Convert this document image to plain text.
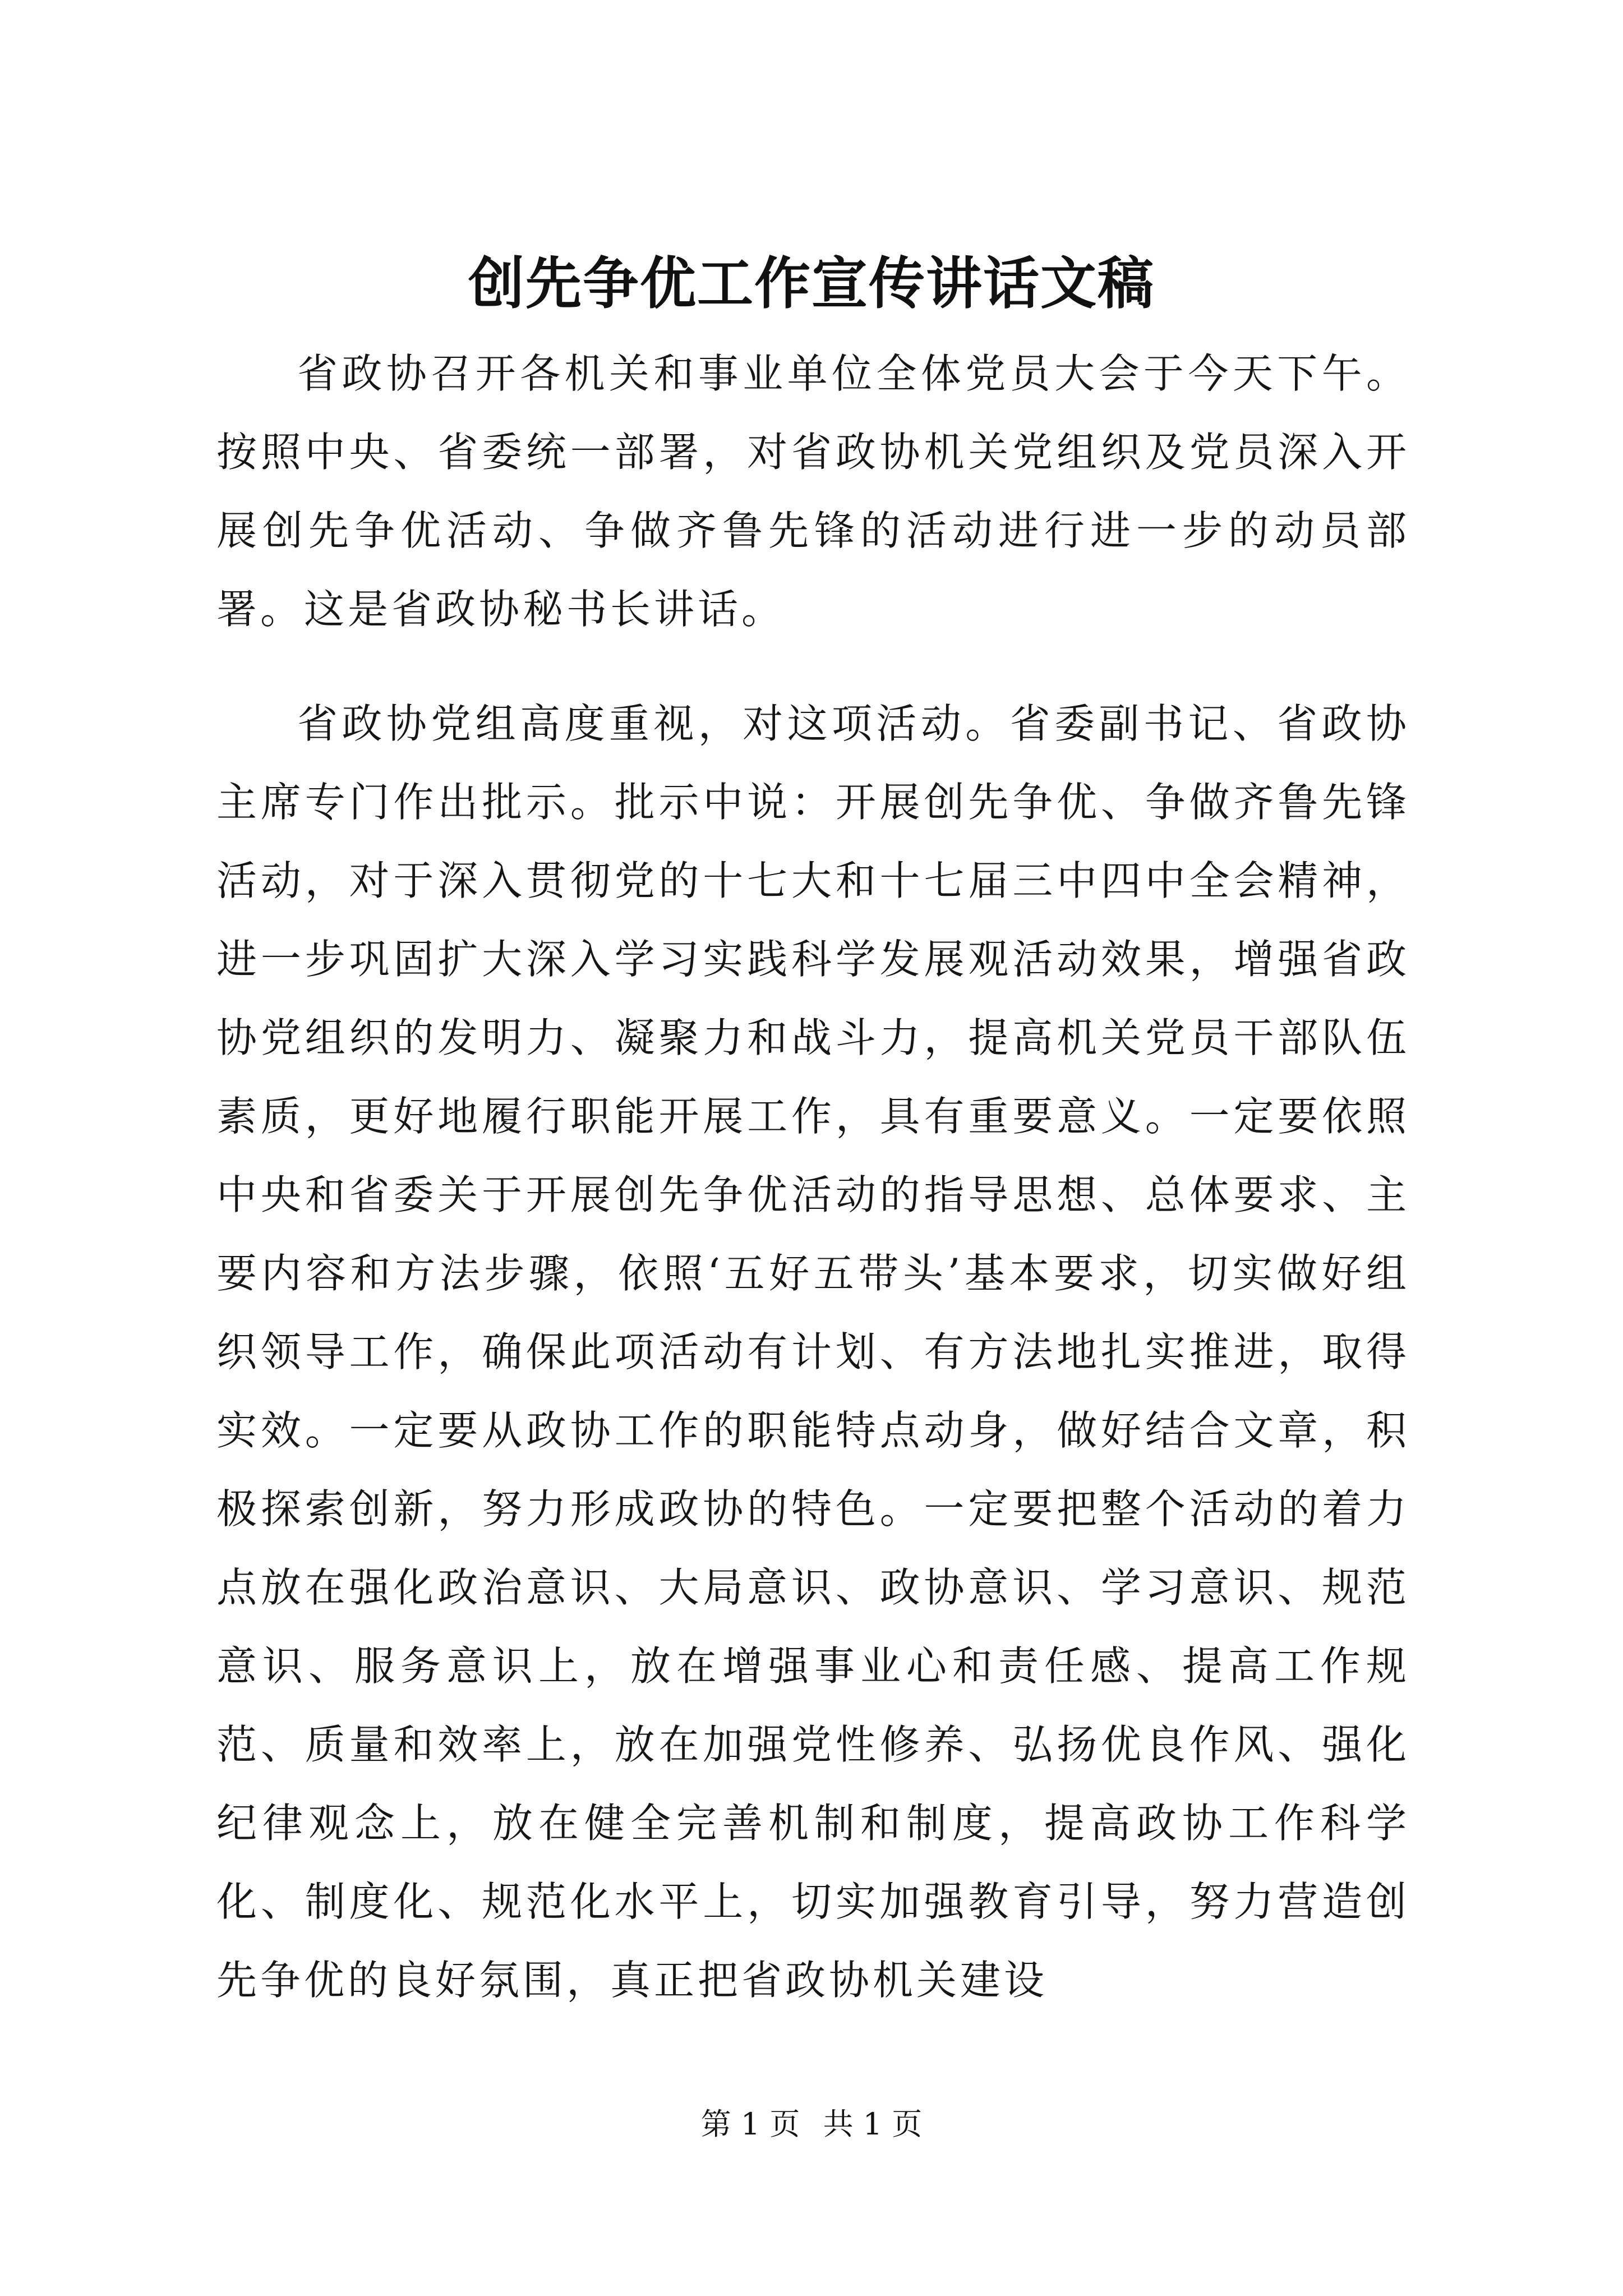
创先争优工作宣传讲话文稿

省政协召开各机关和事业单位全体党员大会于今天下午。按照中央、省委统一部署，对省政协机关党组织及党员深入开展创先争优活动、争做齐鲁先锋的活动进行进一步的动员部署。这是省政协秘书长讲话。

省政协党组高度重视，对这项活动。省委副书记、省政协主席专门作出批示。批示中说：开展创先争优、争做齐鲁先锋活动，对于深入贯彻党的十七大和十七届三中四中全会精神，进一步巩固扩大深入学习实践科学发展观活动效果，增强省政协党组织的发明力、凝聚力和战斗力，提高机关党员干部队伍素质，更好地履行职能开展工作，具有重要意义。一定要依照中央和省委关于开展创先争优活动的指导思想、总体要求、主要内容和方法步骤，依照‘五好五带头’基本要求，切实做好组织领导工作，确保此项活动有计划、有方法地扎实推进，取得实效。一定要从政协工作的职能特点动身，做好结合文章，积极探索创新，努力形成政协的特色。一定要把整个活动的着力点放在强化政治意识、大局意识、政协意识、学习意识、规范意识、服务意识上，放在增强事业心和责任感、提高工作规范、质量和效率上，放在加强党性修养、弘扬优良作风、强化纪律观念上，放在健全完善机制和制度，提高政协工作科学化、制度化、规范化水平上，切实加强教育引导，努力营造创先争优的良好氛围，真正把省政协机关建设

第 1 页 共 1 页
